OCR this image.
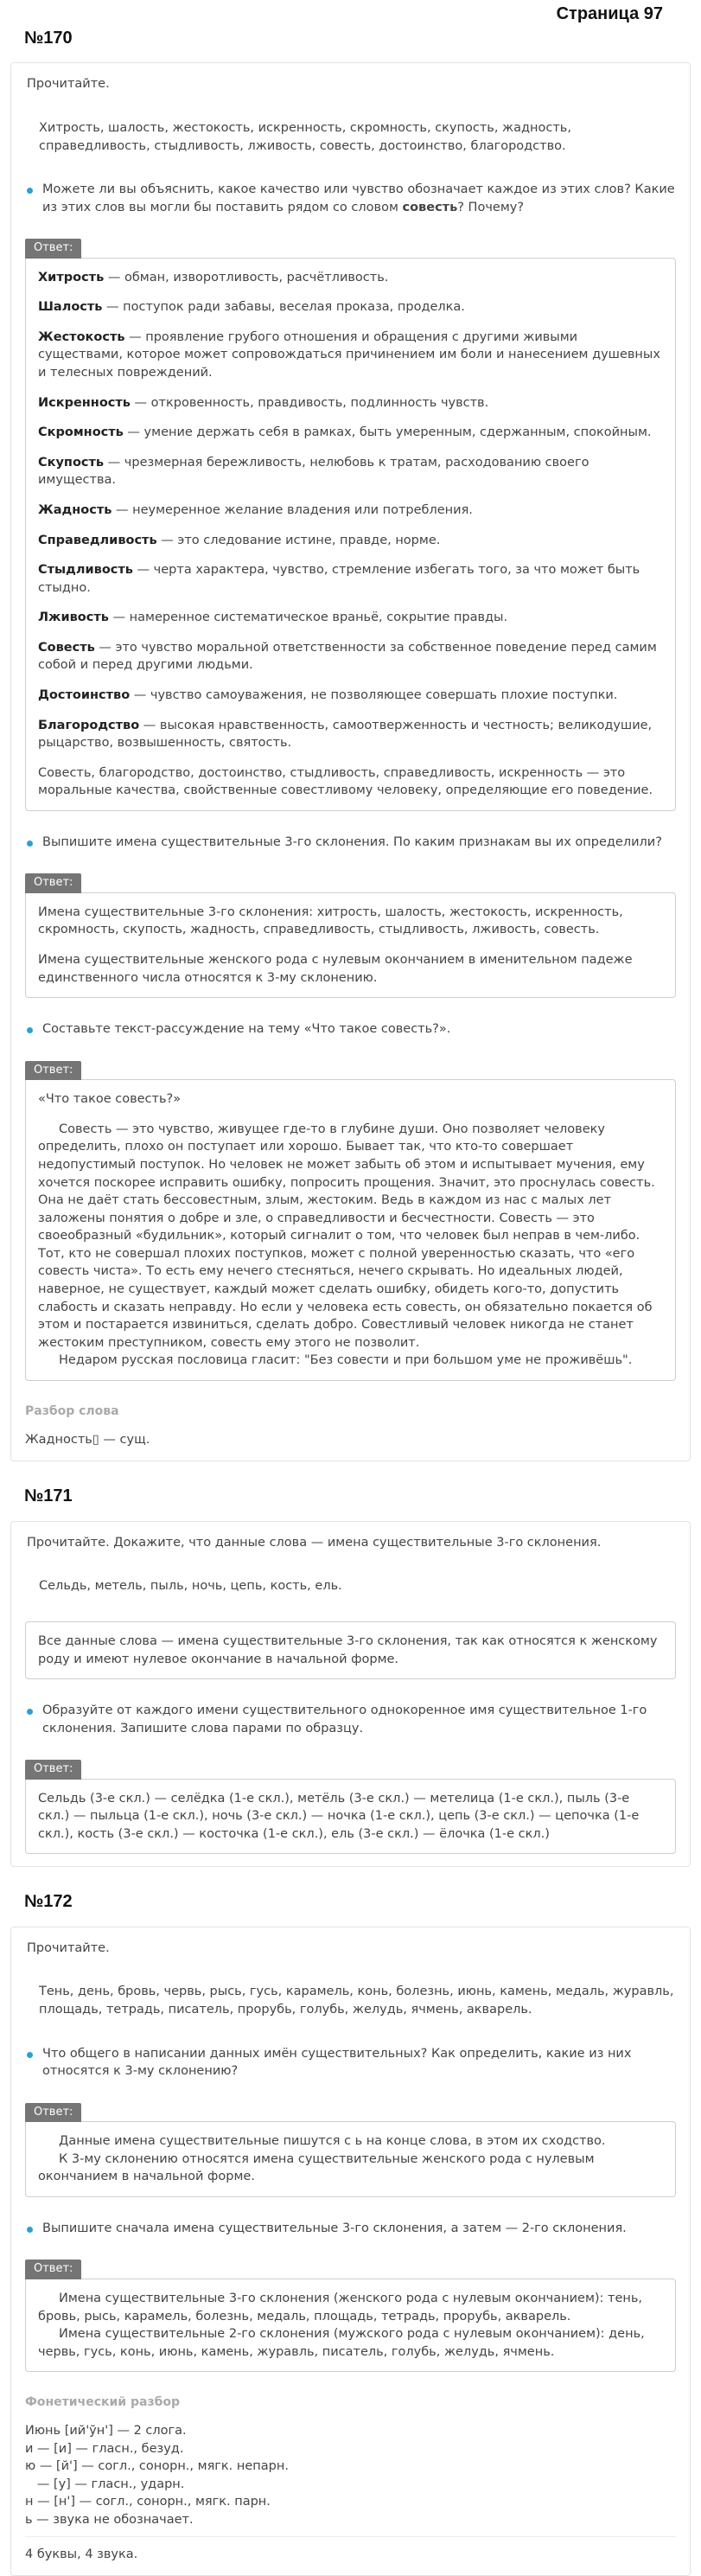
Страница 97
№170

Прочитайте.

Хитрость, шалость, жестокость, искренность, скромность, скупость, жадность, справедливость, стыдливость, лживость, совесть, достоинство, благородство.

Можете ли вы объяснить, какое качество или чувство обозначает каждое из этих слов? Какие из этих слов вы могли бы поставить рядом со словом совесть? Почему?
Ответ:

Хитрость — обман, изворотливость, расчётливость.

Шалость — поступок ради забавы, веселая проказа, проделка.

Жестокость — проявление грубого отношения и обращения с другими живыми существами, которое может сопровождаться причинением им боли и нанесением душевных и телесных повреждений.

Искренность — откровенность, правдивость, подлинность чувств.

Скромность — умение держать себя в рамках, быть умеренным, сдержанным, спокойным.

Скупость — чрезмерная бережливость, нелюбовь к тратам, расходованию своего имущества.

Жадность — неумеренное желание владения или потребления.

Справедливость — это следование истине, правде, норме.

Стыдливость — черта характера, чувство, стремление избегать того, за что может быть стыдно.

Лживость — намеренное систематическое враньё, сокрытие правды.

Совесть — это чувство моральной ответственности за собственное поведение перед самим собой и перед другими людьми.

Достоинство — чувство самоуважения, не позволяющее совершать плохие поступки.

Благородство — высокая нравственность, самоотверженность и честность; великодушие, рыцарство, возвышенность, святость.

Совесть, благородство, достоинство, стыдливость, справедливость, искренность — это моральные качества, свойственные совестливому человеку, определяющие его поведение.

Выпишите имена существительные 3-го склонения. По каким признакам вы их определили?
Ответ:

Имена существительные 3-го склонения: хитрость, шалость, жестокость, искренность, скромность, скупость, жадность, справедливость, стыдливость, лживость, совесть.

Имена существительные женского рода с нулевым окончанием в именительном падеже единственного числа относятся к 3-му склонению.

Составьте текст-рассуждение на тему «Что такое совесть?».
Ответ:

«Что такое совесть?»

Совесть — это чувство, живущее где-то в глубине души. Оно позволяет человеку определить, плохо он поступает или хорошо. Бывает так, что кто-то совершает недопустимый поступок. Но человек не может забыть об этом и испытывает мучения, ему хочется поскорее исправить ошибку, попросить прощения. Значит, это проснулась совесть. Она не даёт стать бессовестным, злым, жестоким. Ведь в каждом из нас с малых лет заложены понятия о добре и зле, о справедливости и бесчестности. Совесть — это своеобразный «будильник», который сигналит о том, что человек был неправ в чем-либо. Тот, кто не совершал плохих поступков, может с полной уверенностью сказать, что «его совесть чиста». То есть ему нечего стесняться, нечего скрывать. Но идеальных людей, наверное, не существует, каждый может сделать ошибку, обидеть кого-то, допустить слабость и сказать неправду. Но если у человека есть совесть, он обязательно покается об этом и постарается извиниться, сделать добро. Совестливый человек никогда не станет жестоким преступником, совесть ему этого не позволит.

Недаром русская пословица гласит: "Без совести и при большом уме не проживёшь".

Разбор слова

Жадность▯ — сущ.

№171

Прочитайте. Докажите, что данные слова — имена существительные 3-го склонения.

Сельдь, метель, пыль, ночь, цепь, кость, ель.

Все данные слова — имена существительные 3-го склонения, так как относятся к женскому роду и имеют нулевое окончание в начальной форме.

Образуйте от каждого имени существительного однокоренное имя существительное 1-го склонения. Запишите слова парами по образцу.
Ответ:

Сельдь (3-е скл.) — селёдка (1-е скл.), метёль (3-е скл.) — метелица (1-е скл.), пыль (3-е скл.) — пыльца (1-е скл.), ночь (3-е скл.) — ночка (1-е скл.), цепь (3-е скл.) — цепочка (1-е скл.), кость (3-е скл.) — косточка (1-е скл.), ель (3-е скл.) — ёлочка (1-е скл.)

№172

Прочитайте.

Тень, день, бровь, червь, рысь, гусь, карамель, конь, болезнь, июнь, камень, медаль, журавль, площадь, тетрадь, писатель, прорубь, голубь, желудь, ячмень, акварель.

Что общего в написании данных имён существительных? Как определить, какие из них относятся к 3-му склонению?
Ответ:

Данные имена существительные пишутся с ь на конце слова, в этом их сходство.

К 3-му склонению относятся имена существительные женского рода с нулевым окончанием в начальной форме.

Выпишите сначала имена существительные 3-го склонения, а затем — 2-го склонения.
Ответ:

Имена существительные 3-го склонения (женского рода с нулевым окончанием): тень, бровь, рысь, карамель, болезнь, медаль, площадь, тетрадь, прорубь, акварель.

Имена существительные 2-го склонения (мужского рода с нулевым окончанием): день, червь, гусь, конь, июнь, камень, журавль, писатель, голубь, желудь, ячмень.

Фонетический разбор

Июнь [ий'ўн'] — 2 слога.

и — [и] — гласн., безуд.

ю — [й'] — согл., сонорн., мягк. непарн.

— [у] — гласн., ударн.

н — [н'] — согл., сонорн., мягк. парн.

ь — звука не обозначает.

4 буквы, 4 звука.
